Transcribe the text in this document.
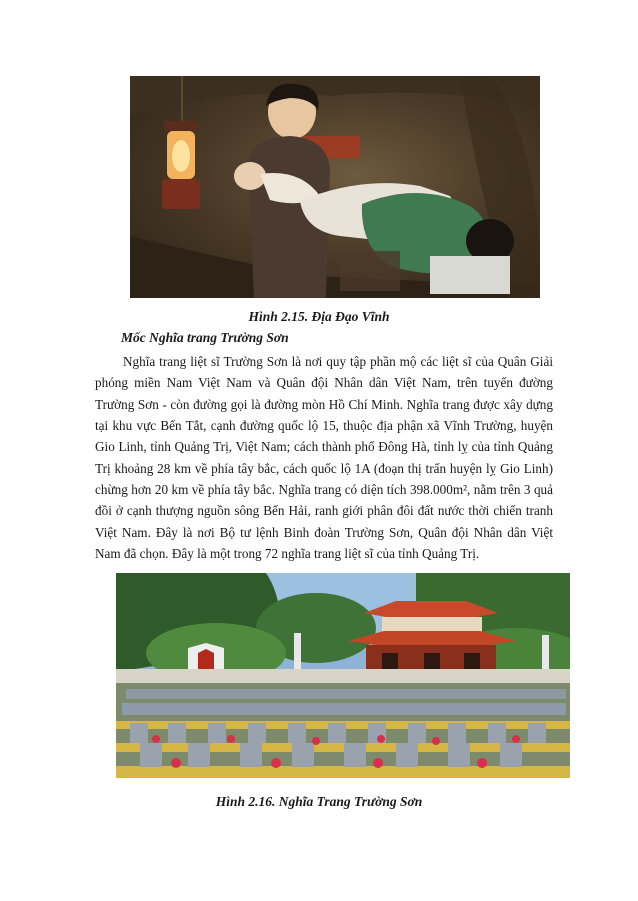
Hình 2.15. Địa Đạo Vĩnh
Mốc Nghĩa trang Trường Sơn

Nghĩa trang liệt sĩ Trường Sơn là nơi quy tập phần mộ các liệt sĩ của Quân Giải phóng miền Nam Việt Nam và Quân đội Nhân dân Việt Nam, trên tuyến đường Trường Sơn - còn đường gọi là đường mòn Hồ Chí Minh. Nghĩa trang được xây dựng tại khu vực Bến Tắt, cạnh đường quốc lộ 15, thuộc địa phận xã Vĩnh Trường, huyện Gio Linh, tỉnh Quảng Trị, Việt Nam; cách thành phố Đông Hà, tỉnh lỵ của tỉnh Quảng Trị khoảng 28 km về phía tây bắc, cách quốc lộ 1A (đoạn thị trấn huyện lỵ Gio Linh) chừng hơn 20 km về phía tây bắc. Nghĩa trang có diện tích 398.000m², nằm trên 3 quả đồi ở cạnh thượng nguồn sông Bến Hải, ranh giới phân đôi đất nước thời chiến tranh Việt Nam. Đây là nơi Bộ tư lệnh Binh đoàn Trường Sơn, Quân đội Nhân dân Việt Nam đã chọn. Đây là một trong 72 nghĩa trang liệt sĩ của tỉnh Quảng Trị.

Hình 2.16. Nghĩa Trang Trường Sơn
